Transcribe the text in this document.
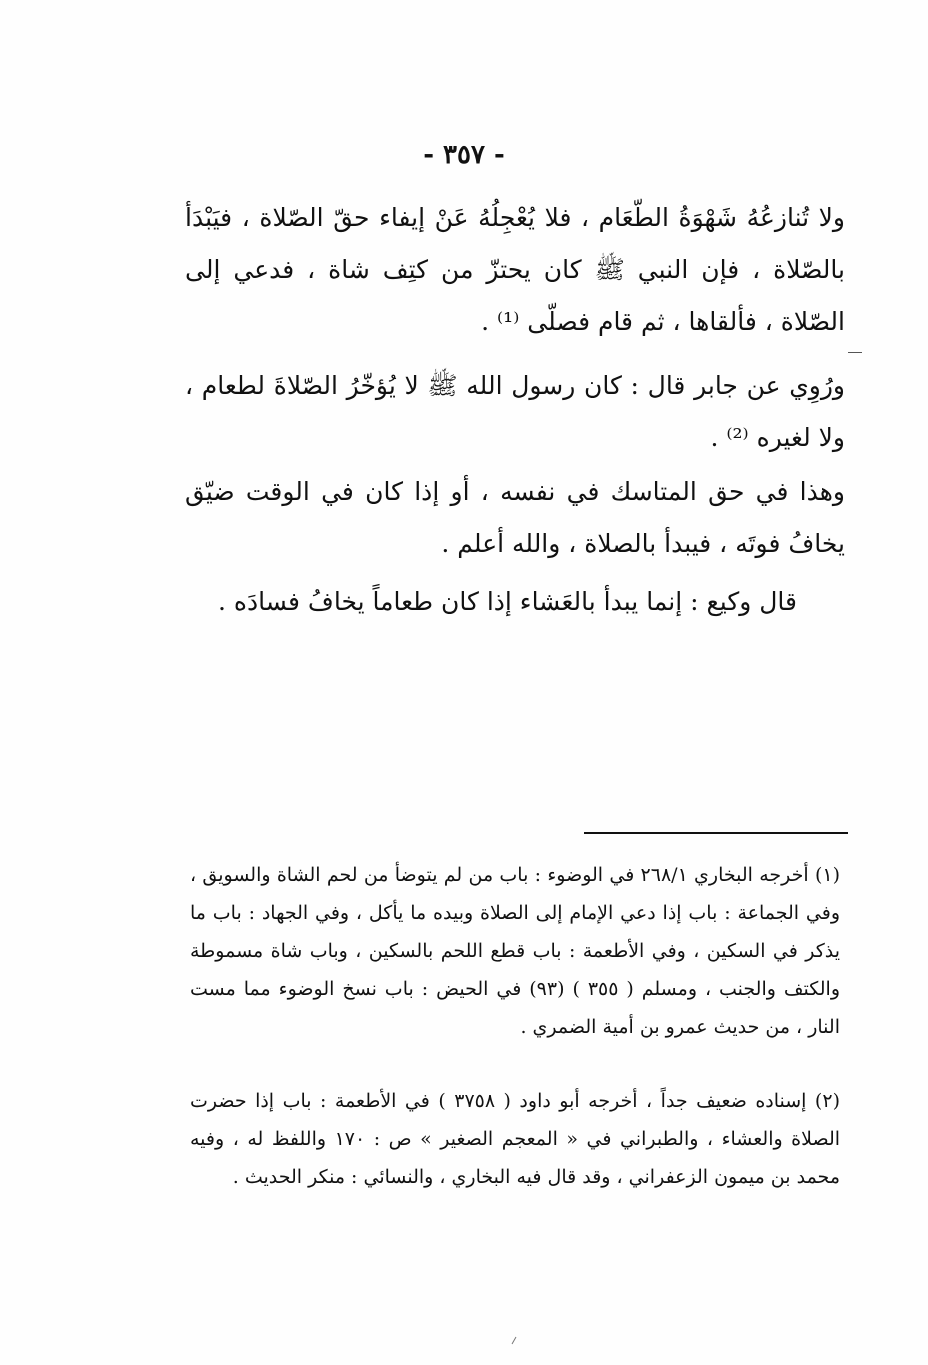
- ٣٥٧ -
ولا تُنازعُهُ شَهْوَةُ الطّعَام ، فلا يُعْجِلُهُ عَنْ إيفاء حقّ الصّلاة ، فيَبْدَأ بالصّلاة ، فإن النبي ﷺ كان يحتزّ من كتِف شاة ، فدعي إلى الصّلاة ، فألقاها ، ثم قام فصلّى ⁽¹⁾ .
ورُوِي عن جابر قال : كان رسول الله ﷺ لا يُؤخّرُ الصّلاةَ لطعام ، ولا لغيره ⁽²⁾ .
وهذا في حق المتاسك في نفسه ، أو إذا كان في الوقت ضيّق يخافُ فوتَه ، فيبدأ بالصلاة ، والله أعلم .
قال وكيع : إنما يبدأ بالعَشاء إذا كان طعاماً يخافُ فسادَه .
(١) أخرجه البخاري ٢٦٨/١ في الوضوء : باب من لم يتوضأ من لحم الشاة والسويق ، وفي الجماعة : باب إذا دعي الإمام إلى الصلاة وبيده ما يأكل ، وفي الجهاد : باب ما يذكر في السكين ، وفي الأطعمة : باب قطع اللحم بالسكين ، وباب شاة مسموطة والكتف والجنب ، ومسلم ( ٣٥٥ ) (٩٣) في الحيض : باب نسخ الوضوء مما مست النار ، من حديث عمرو بن أمية الضمري .
(٢) إسناده ضعيف جداً ، أخرجه أبو داود ( ٣٧٥٨ ) في الأطعمة : باب إذا حضرت الصلاة والعشاء ، والطبراني في « المعجم الصغير » ص : ١٧٠ واللفظ له ، وفيه محمد بن ميمون الزعفراني ، وقد قال فيه البخاري ، والنسائي : منكر الحديث .
